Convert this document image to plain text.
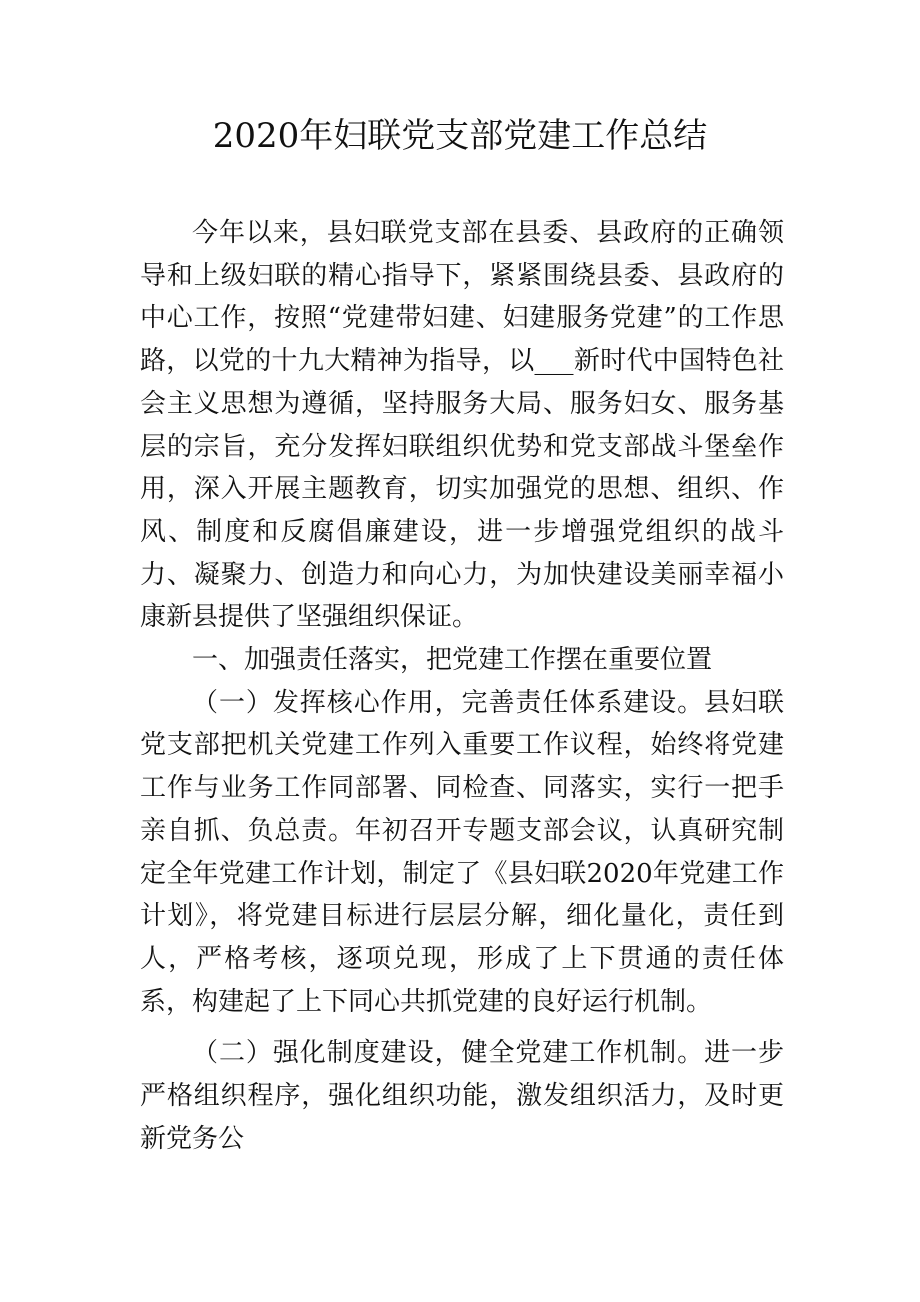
2020年妇联党支部党建工作总结

今年以来，县妇联党支部在县委、县政府的正确领导和上级妇联的精心指导下，紧紧围绕县委、县政府的中心工作，按照“党建带妇建、妇建服务党建”的工作思路，以党的十九大精神为指导，以___新时代中国特色社会主义思想为遵循，坚持服务大局、服务妇女、服务基层的宗旨，充分发挥妇联组织优势和党支部战斗堡垒作用，深入开展主题教育，切实加强党的思想、组织、作风、制度和反腐倡廉建设，进一步增强党组织的战斗力、凝聚力、创造力和向心力，为加快建设美丽幸福小康新县提供了坚强组织保证。

一、加强责任落实，把党建工作摆在重要位置

（一）发挥核心作用，完善责任体系建设。县妇联党支部把机关党建工作列入重要工作议程，始终将党建工作与业务工作同部署、同检查、同落实，实行一把手亲自抓、负总责。年初召开专题支部会议，认真研究制定全年党建工作计划，制定了《县妇联2020年党建工作计划》，将党建目标进行层层分解，细化量化，责任到人，严格考核，逐项兑现，形成了上下贯通的责任体系，构建起了上下同心共抓党建的良好运行机制。

（二）强化制度建设，健全党建工作机制。进一步严格组织程序，强化组织功能，激发组织活力，及时更新党务公
